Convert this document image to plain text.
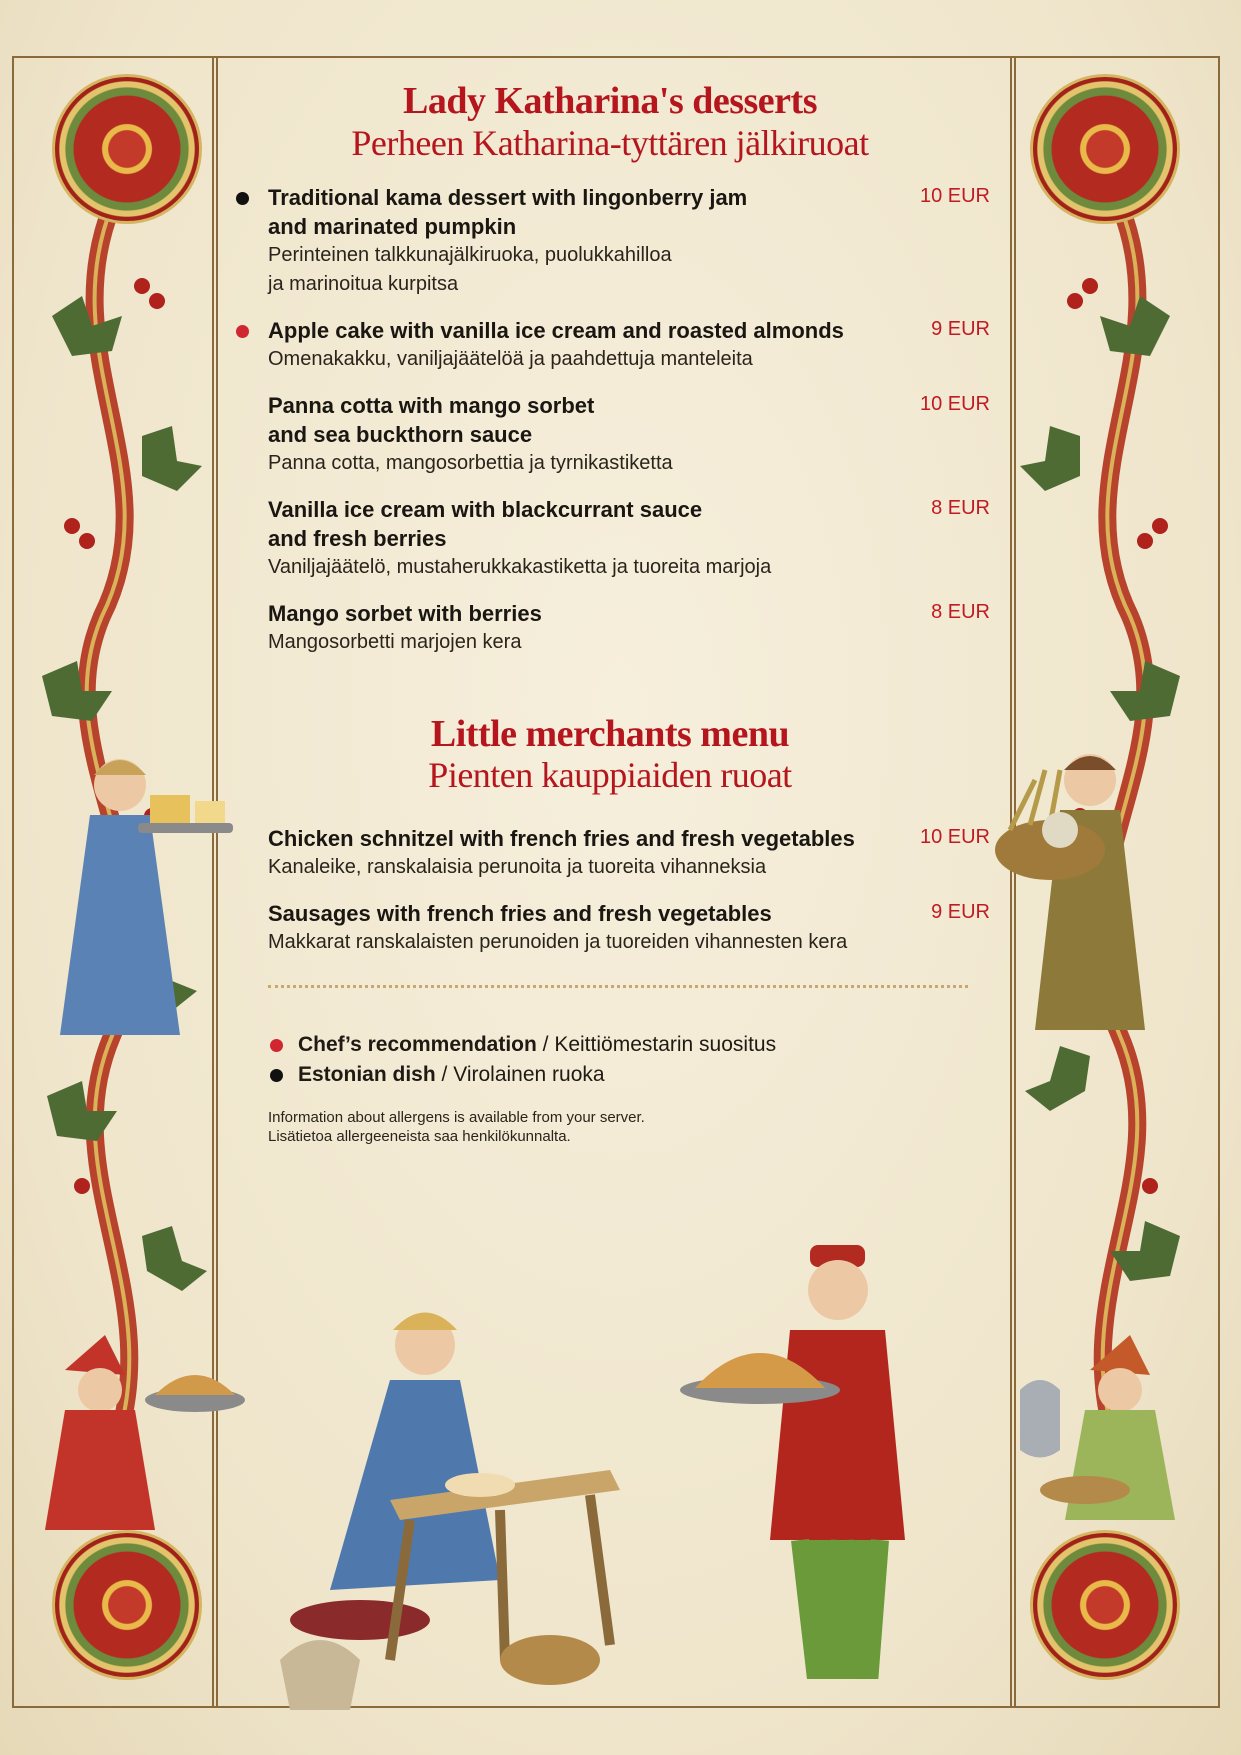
Lady Katharina's desserts
Perheen Katharina-tyttären jälkiruoat
Traditional kama dessert with lingonberry jam
and marinated pumpkin
Perinteinen talkkunajälkiruoka, puolukkahilloa
ja marinoitua kurpitsa
10 EUR
Apple cake with vanilla ice cream and roasted almonds
Omenakakku, vaniljajäätelöä ja paahdettuja manteleita
9 EUR
Panna cotta with mango sorbet
and sea buckthorn sauce
Panna cotta, mangosorbettia ja tyrnikastiketta
10 EUR
Vanilla ice cream with blackcurrant sauce
and fresh berries
Vaniljajäätelö, mustaherukkakastiketta ja tuoreita marjoja
8 EUR
Mango sorbet with berries
Mangosorbetti marjojen kera
8 EUR
Little merchants menu
Pienten kauppiaiden ruoat
Chicken schnitzel with french fries and fresh vegetables
Kanaleike, ranskalaisia perunoita ja tuoreita vihanneksia
10 EUR
Sausages with french fries and fresh vegetables
Makkarat ranskalaisten perunoiden ja tuoreiden vihannesten kera
9 EUR
Chef’s recommendation / Keittiömestarin suositus
Estonian dish / Virolainen ruoka
Information about allergens is available from your server.
Lisätietoa allergeeneista saa henkilökunnalta.
